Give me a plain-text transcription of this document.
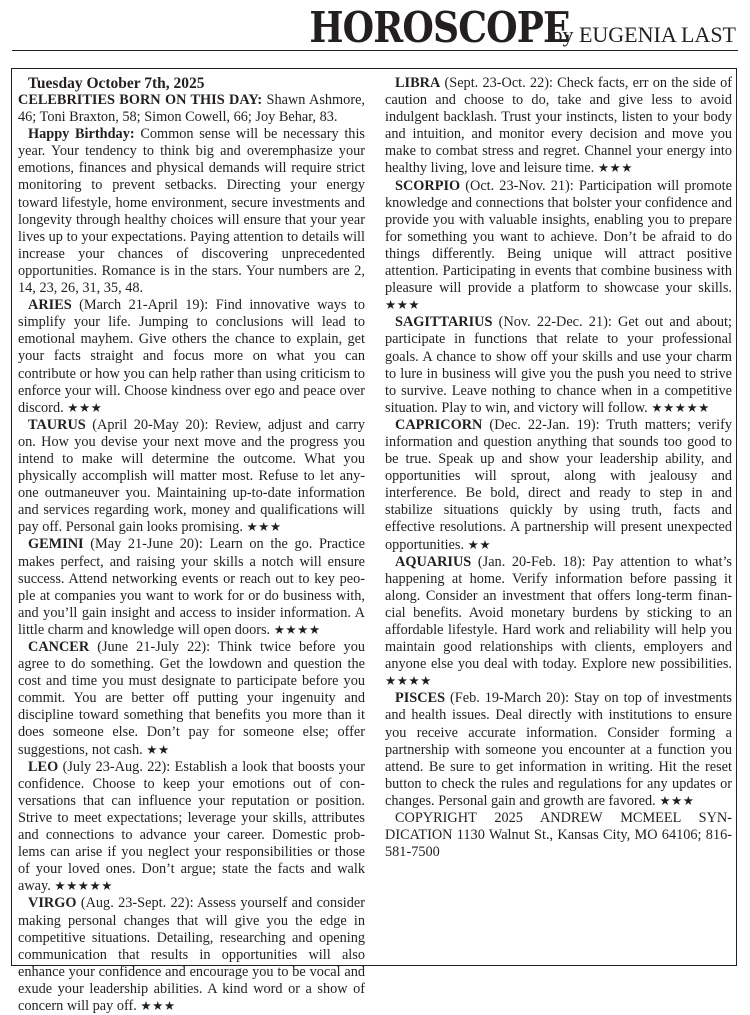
HOROSCOPE by EUGENIA LAST

Tuesday October 7th, 2025

CELEBRITIES BORN ON THIS DAY: Shawn Ashmore, 46; Toni Braxton, 58; Simon Cowell, 66; Joy Behar, 83.

Happy Birthday: Common sense will be necessary this year. Your tendency to think big and overemphasize your emotions, finances and physical demands will require strict monitoring to prevent setbacks. Directing your energy toward lifestyle, home environment, secure investments and longevity through healthy choices will ensure that your year lives up to your expectations. Paying attention to details will increase your chances of discovering unprecedented opportunities. Romance is in the stars. Your numbers are 2, 14, 23, 26, 31, 35, 48.

ARIES (March 21-April 19): Find innovative ways to simplify your life. Jumping to conclusions will lead to emotional mayhem. Give others the chance to explain, get your facts straight and focus more on what you can contribute or how you can help rather than using criticism to enforce your will. Choose kindness over ego and peace over discord. ★★★

TAURUS (April 20-May 20): Review, adjust and carry on. How you devise your next move and the progress you intend to make will determine the outcome. What you physically accomplish will matter most. Refuse to let any-one outmaneuver you. Maintaining up-to-date information and services regarding work, money and qualifications will pay off. Personal gain looks promising. ★★★

GEMINI (May 21-June 20): Learn on the go. Practice makes perfect, and raising your skills a notch will ensure success. Attend networking events or reach out to key peo-ple at companies you want to work for or do business with, and you’ll gain insight and access to insider information. A little charm and knowledge will open doors. ★★★★

CANCER (June 21-July 22): Think twice before you agree to do something. Get the lowdown and question the cost and time you must designate to participate before you commit. You are better off putting your ingenuity and discipline toward something that benefits you more than it does someone else. Don’t pay for someone else; offer suggestions, not cash. ★★

LEO (July 23-Aug. 22): Establish a look that boosts your confidence. Choose to keep your emotions out of con-versations that can influence your reputation or position. Strive to meet expectations; leverage your skills, attributes and connections to advance your career. Domestic prob-lems can arise if you neglect your responsibilities or those of your loved ones. Don’t argue; state the facts and walk away. ★★★★★

VIRGO (Aug. 23-Sept. 22): Assess yourself and consider making personal changes that will give you the edge in competitive situations. Detailing, researching and opening communication that results in opportunities will also enhance your confidence and encourage you to be vocal and exude your leadership abilities. A kind word or a show of concern will pay off. ★★★

LIBRA (Sept. 23-Oct. 22): Check facts, err on the side of caution and choose to do, take and give less to avoid indulgent backlash. Trust your instincts, listen to your body and intuition, and monitor every decision and move you make to combat stress and regret. Channel your energy into healthy living, love and leisure time. ★★★

SCORPIO (Oct. 23-Nov. 21): Participation will promote knowledge and connections that bolster your confidence and provide you with valuable insights, enabling you to prepare for something you want to achieve. Don’t be afraid to do things differently. Being unique will attract positive attention. Participating in events that combine business with pleasure will provide a platform to showcase your skills. ★★★

SAGITTARIUS (Nov. 22-Dec. 21): Get out and about; participate in functions that relate to your professional goals. A chance to show off your skills and use your charm to lure in business will give you the push you need to strive to survive. Leave nothing to chance when in a competitive situation. Play to win, and victory will follow. ★★★★★

CAPRICORN (Dec. 22-Jan. 19): Truth matters; verify information and question anything that sounds too good to be true. Speak up and show your leadership ability, and opportunities will sprout, along with jealousy and interference. Be bold, direct and ready to step in and stabilize situations quickly by using truth, facts and effective resolutions. A partnership will present unexpected opportunities. ★★

AQUARIUS (Jan. 20-Feb. 18): Pay attention to what’s happening at home. Verify information before passing it along. Consider an investment that offers long-term finan-cial benefits. Avoid monetary burdens by sticking to an affordable lifestyle. Hard work and reliability will help you maintain good relationships with clients, employers and anyone else you deal with today. Explore new possibilities. ★★★★

PISCES (Feb. 19-March 20): Stay on top of investments and health issues. Deal directly with institutions to ensure you receive accurate information. Consider forming a partnership with someone you encounter at a function you attend. Be sure to get information in writing. Hit the reset button to check the rules and regulations for any updates or changes. Personal gain and growth are favored. ★★★

COPYRIGHT 2025 ANDREW MCMEEL SYN-DICATION 1130 Walnut St., Kansas City, MO 64106; 816-581-7500
